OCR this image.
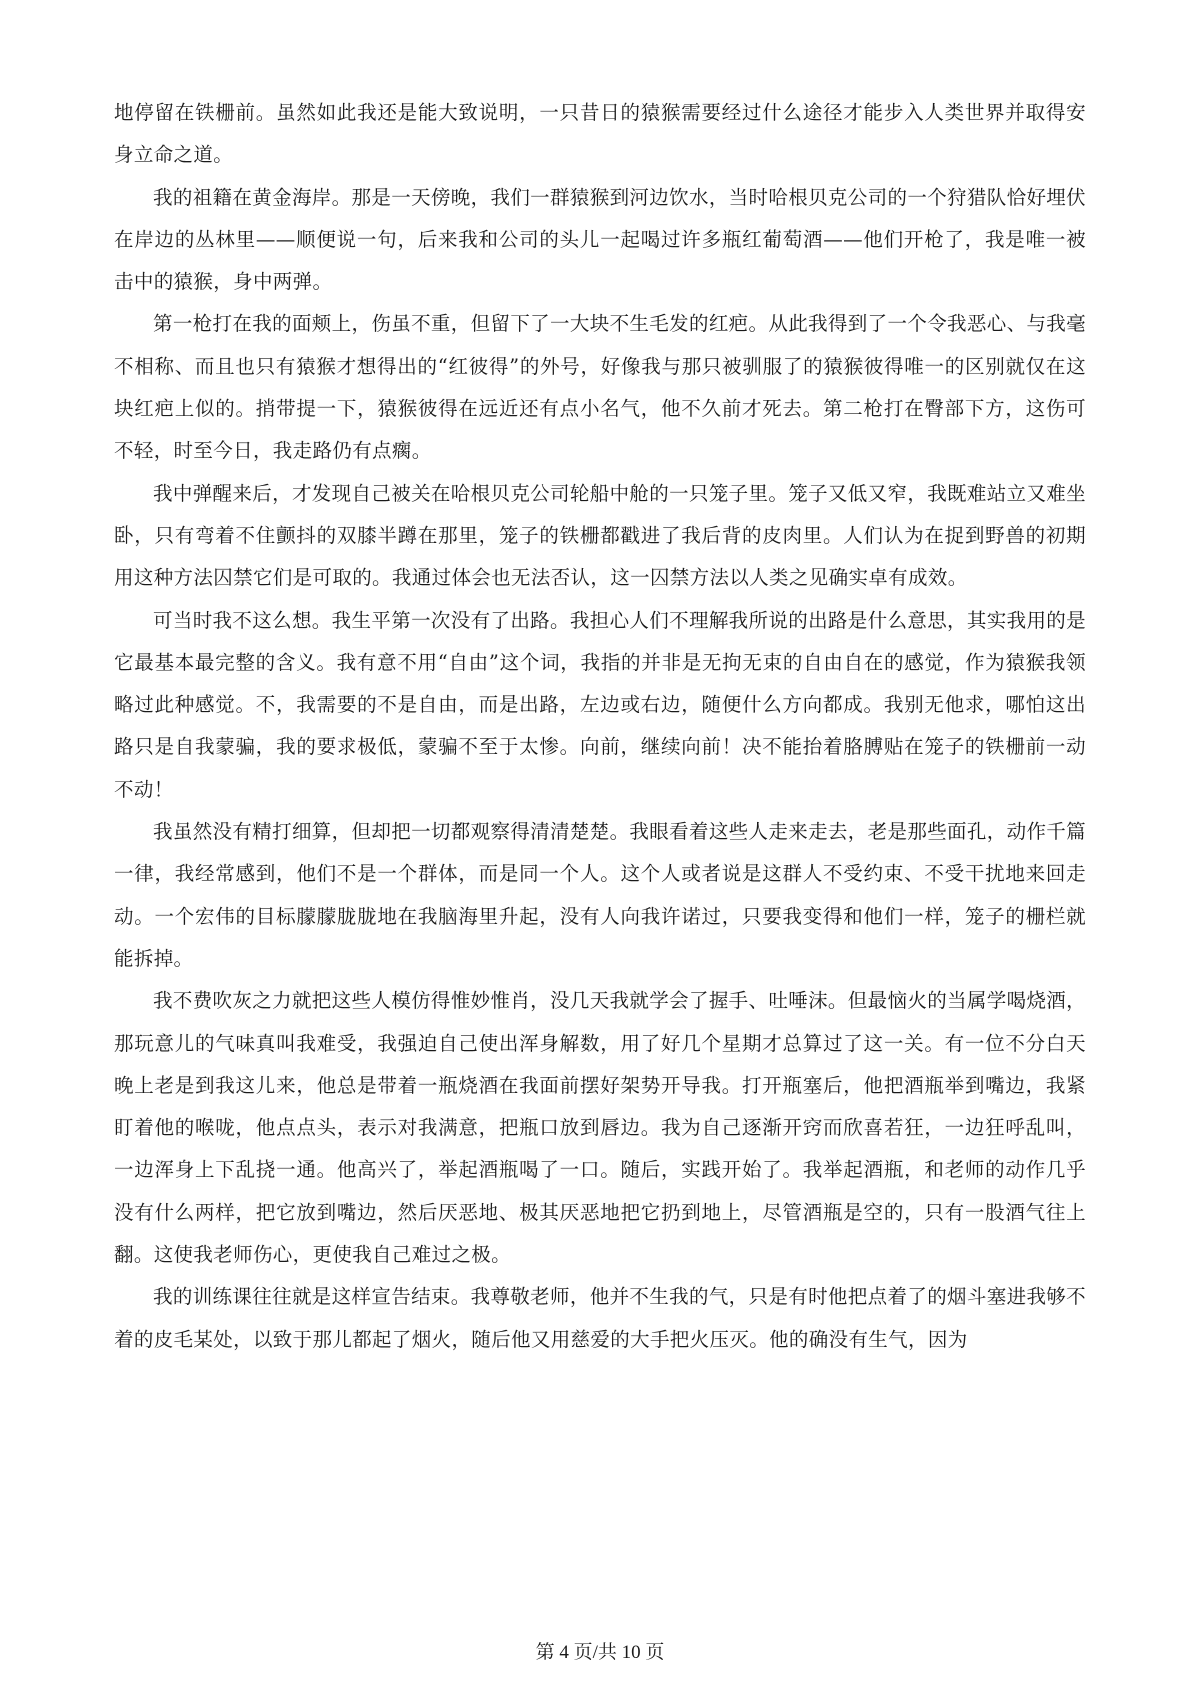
地停留在铁栅前。虽然如此我还是能大致说明，一只昔日的猿猴需要经过什么途径才能步入人类世界并取得安身立命之道。

我的祖籍在黄金海岸。那是一天傍晚，我们一群猿猴到河边饮水，当时哈根贝克公司的一个狩猎队恰好埋伏在岸边的丛林里——顺便说一句，后来我和公司的头儿一起喝过许多瓶红葡萄酒——他们开枪了，我是唯一被击中的猿猴，身中两弹。

第一枪打在我的面颊上，伤虽不重，但留下了一大块不生毛发的红疤。从此我得到了一个令我恶心、与我毫不相称、而且也只有猿猴才想得出的“红彼得”的外号，好像我与那只被驯服了的猿猴彼得唯一的区别就仅在这块红疤上似的。捎带提一下，猿猴彼得在远近还有点小名气，他不久前才死去。第二枪打在臀部下方，这伤可不轻，时至今日，我走路仍有点瘸。

我中弹醒来后，才发现自己被关在哈根贝克公司轮船中舱的一只笼子里。笼子又低又窄，我既难站立又难坐卧，只有弯着不住颤抖的双膝半蹲在那里，笼子的铁栅都戳进了我后背的皮肉里。人们认为在捉到野兽的初期用这种方法囚禁它们是可取的。我通过体会也无法否认，这一囚禁方法以人类之见确实卓有成效。

可当时我不这么想。我生平第一次没有了出路。我担心人们不理解我所说的出路是什么意思，其实我用的是它最基本最完整的含义。我有意不用“自由”这个词，我指的并非是无拘无束的自由自在的感觉，作为猿猴我领略过此种感觉。不，我需要的不是自由，而是出路，左边或右边，随便什么方向都成。我别无他求，哪怕这出路只是自我蒙骗，我的要求极低，蒙骗不至于太惨。向前，继续向前！决不能抬着胳膊贴在笼子的铁栅前一动不动！

我虽然没有精打细算，但却把一切都观察得清清楚楚。我眼看着这些人走来走去，老是那些面孔，动作千篇一律，我经常感到，他们不是一个群体，而是同一个人。这个人或者说是这群人不受约束、不受干扰地来回走动。一个宏伟的目标朦朦胧胧地在我脑海里升起，没有人向我许诺过，只要我变得和他们一样，笼子的栅栏就能拆掉。

我不费吹灰之力就把这些人模仿得惟妙惟肖，没几天我就学会了握手、吐唾沫。但最恼火的当属学喝烧酒，那玩意儿的气味真叫我难受，我强迫自己使出浑身解数，用了好几个星期才总算过了这一关。有一位不分白天晚上老是到我这儿来，他总是带着一瓶烧酒在我面前摆好架势开导我。打开瓶塞后，他把酒瓶举到嘴边，我紧盯着他的喉咙，他点点头，表示对我满意，把瓶口放到唇边。我为自己逐渐开窍而欣喜若狂，一边狂呼乱叫，一边浑身上下乱挠一通。他高兴了，举起酒瓶喝了一口。随后，实践开始了。我举起酒瓶，和老师的动作几乎没有什么两样，把它放到嘴边，然后厌恶地、极其厌恶地把它扔到地上，尽管酒瓶是空的，只有一股酒气往上翻。这使我老师伤心，更使我自己难过之极。

我的训练课往往就是这样宣告结束。我尊敬老师，他并不生我的气，只是有时他把点着了的烟斗塞进我够不着的皮毛某处，以致于那儿都起了烟火，随后他又用慈爱的大手把火压灭。他的确没有生气，因为

第 4 页/共 10 页
